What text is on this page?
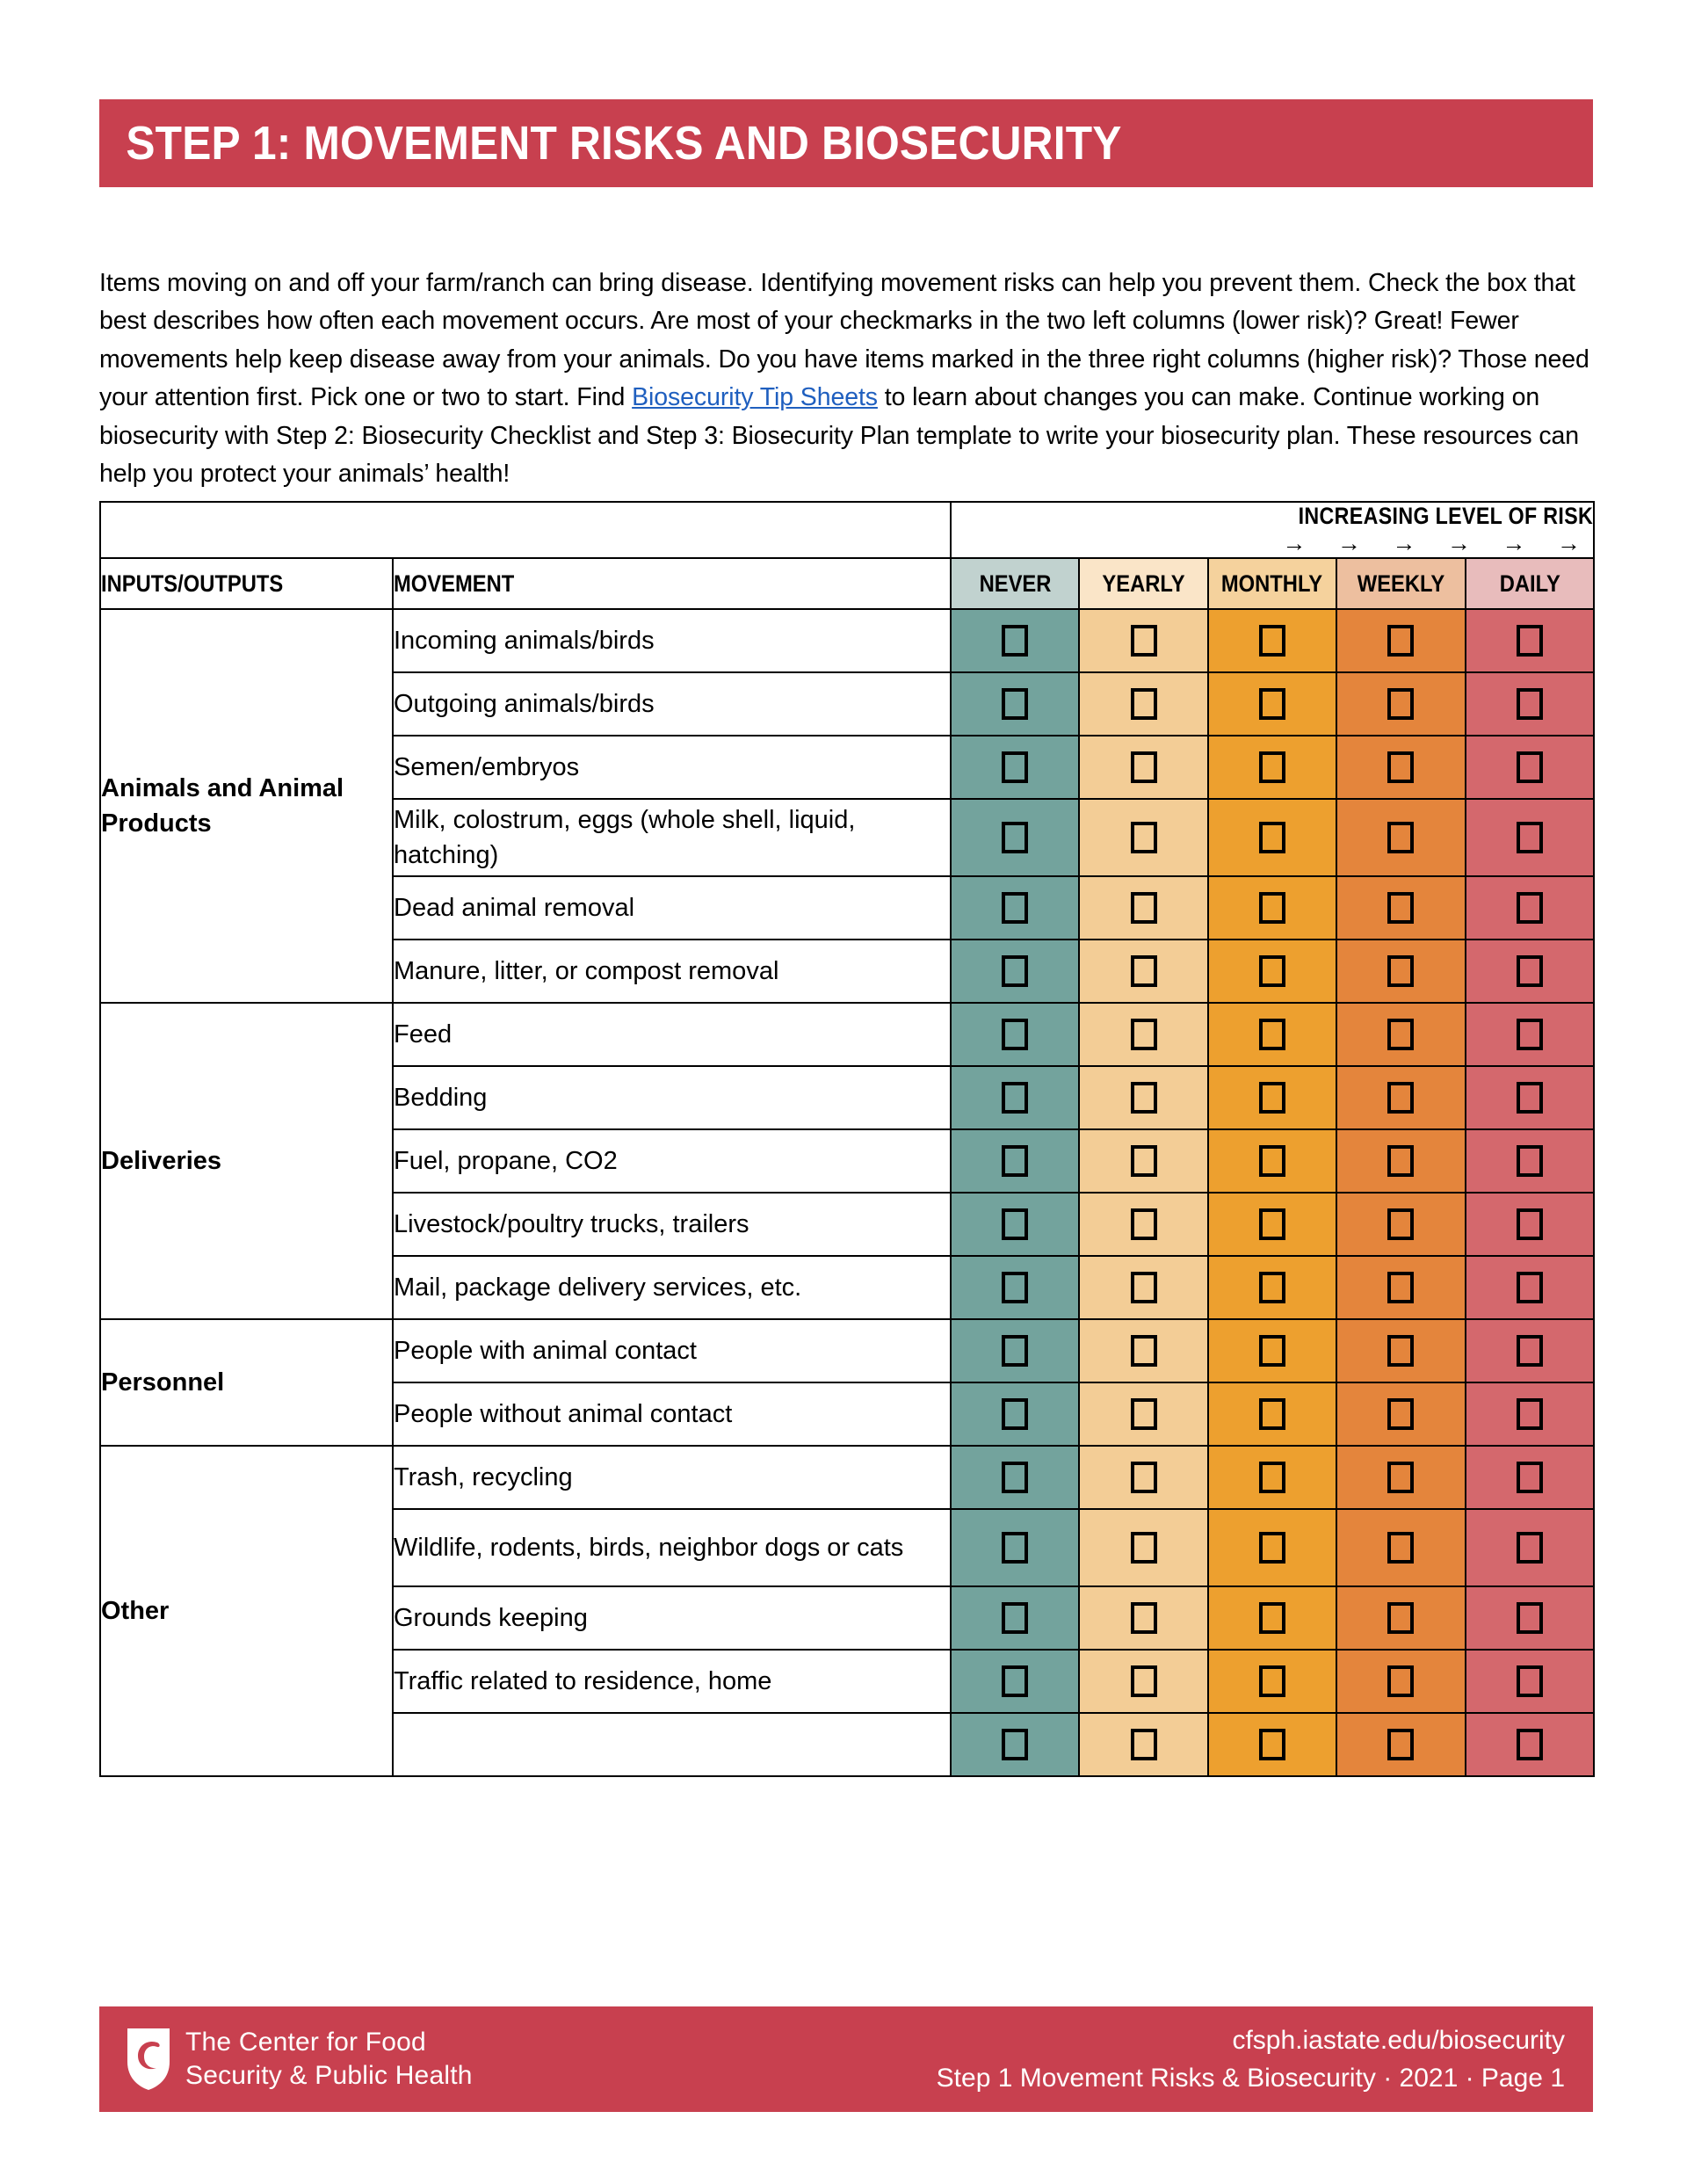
STEP 1: MOVEMENT RISKS AND BIOSECURITY

Items moving on and off your farm/ranch can bring disease. Identifying movement risks can help you prevent them. Check the box that best describes how often each movement occurs. Are most of your checkmarks in the two left columns (lower risk)? Great! Fewer movements help keep disease away from your animals. Do you have items marked in the three right columns (higher risk)? Those need your attention first. Pick one or two to start. Find Biosecurity Tip Sheets to learn about changes you can make. Continue working on biosecurity with Step 2: Biosecurity Checklist and Step 3: Biosecurity Plan template to write your biosecurity plan. These resources can help you protect your animals’ health!

		INCREASING LEVEL OF RISK→ → → → → →				
INPUTS/OUTPUTS	MOVEMENT	NEVER	YEARLY	MONTHLY	WEEKLY	DAILY
Animals and Animal Products	Incoming animals/birds					
	Outgoing animals/birds					
	Semen/embryos					
	Milk, colostrum, eggs (whole shell, liquid, hatching)					
	Dead animal removal					
	Manure, litter, or compost removal					
Deliveries	Feed					
	Bedding					
	Fuel, propane, CO2					
	Livestock/poultry trucks, trailers					
	Mail, package delivery services, etc.					
Personnel	People with animal contact					
	People without animal contact					
Other	Trash, recycling					
	Wildlife, rodents, birds, neighbor dogs or cats					
	Grounds keeping					
	Traffic related to residence, home					

The Center for Food
Security & Public Health
cfsph.iastate.edu/biosecurity
Step 1 Movement Risks & Biosecurity · 2021 · Page 1
